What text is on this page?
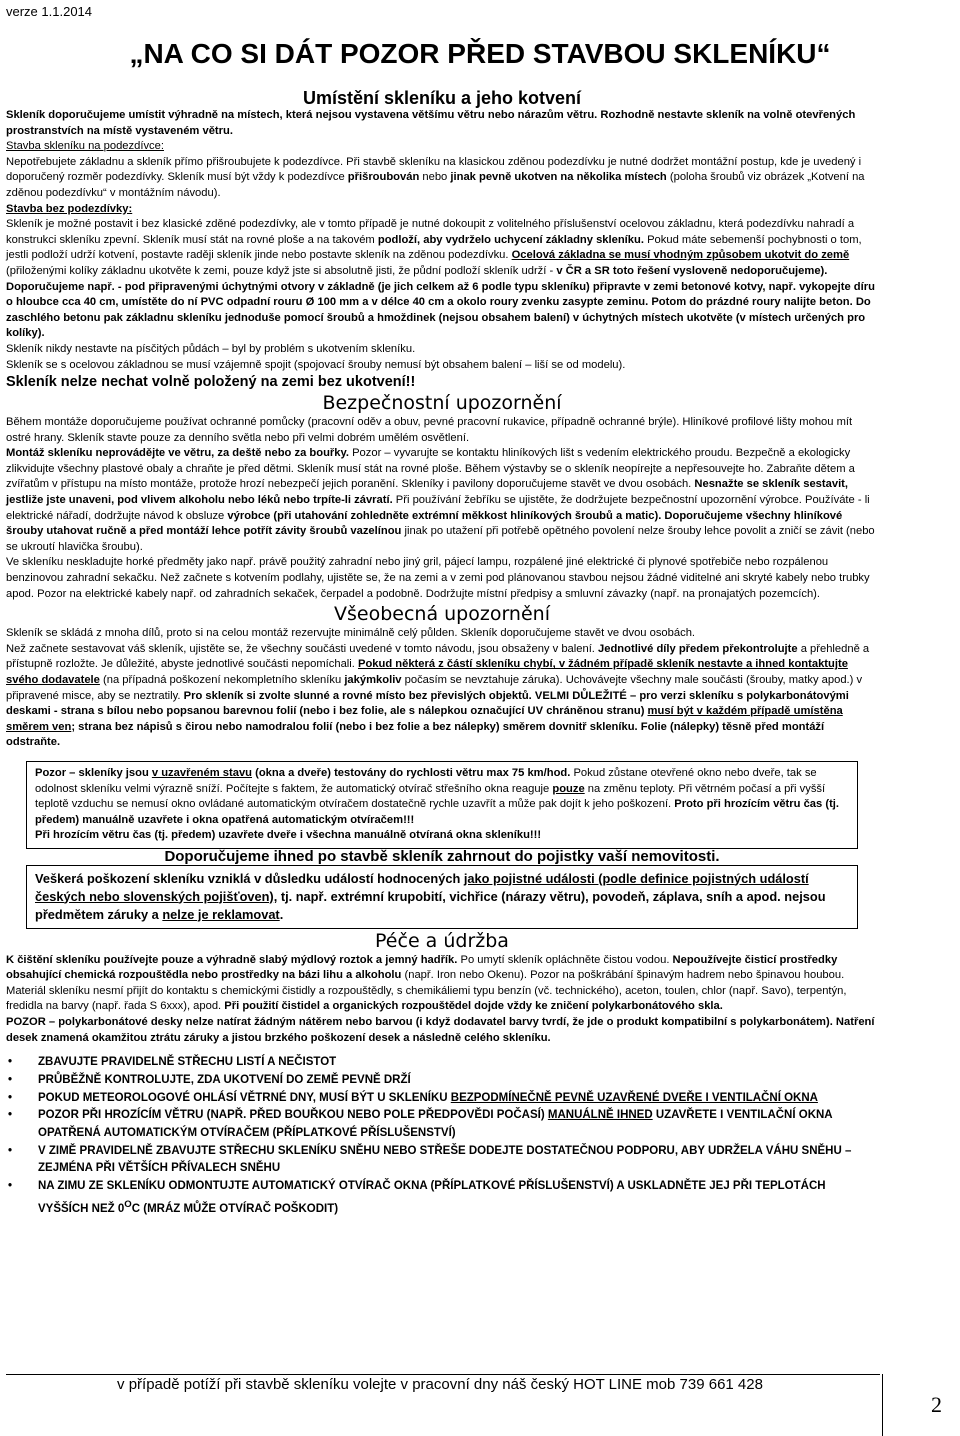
verze 1.1.2014
„NA CO SI DÁT POZOR PŘED STAVBOU SKLENÍKU“

Umístění skleníku a jeho kotvení

Skleník doporučujeme umístit výhradně na místech, která nejsou vystavena většímu větru nebo nárazům větru. Rozhodně nestavte skleník na volně otevřených prostranstvích na místě vystaveném větru.

Stavba skleníku na podezdívce:

Nepotřebujete základnu a skleník přímo přišroubujete k podezdívce. Při stavbě skleníku na klasickou zděnou podezdívku je nutné dodržet montážní postup, kde je uvedený i doporučený rozměr podezdívky. Skleník musí být vždy k podezdívce přišroubován nebo jinak pevně ukotven na několika místech (poloha šroubů viz obrázek „Kotvení na zděnou podezdívku“ v montážním návodu).

Stavba bez podezdívky:

Skleník je možné postavit i bez klasické zděné podezdívky, ale v tomto případě je nutné dokoupit z volitelného příslušenství ocelovou základnu, která podezdívku nahradí a konstrukci skleníku zpevní. Skleník musí stát na rovné ploše a na takovém podloží, aby vydrželo uchycení základny skleníku. Pokud máte sebemenší pochybnosti o tom, jestli podloží udrží kotvení, postavte raději skleník jinde nebo postavte skleník na zděnou podezdívku. Ocelová základna se musí vhodným způsobem ukotvit do země (přiloženými kolíky základnu ukotvěte k zemi, pouze když jste si absolutně jisti, že půdní podloží skleník udrží - v ČR a SR toto řešení vysloveně nedoporučujeme).

Doporučujeme např. - pod připravenými úchytnými otvory v základně (je jich celkem až 6 podle typu skleníku) připravte v zemi betonové kotvy, např. vykopejte díru o hloubce cca 40 cm, umístěte do ní PVC odpadní rouru Ø 100 mm a v délce 40 cm a okolo roury zvenku zasypte zeminu. Potom do prázdné roury nalijte beton. Do zaschlého betonu pak základnu skleníku jednoduše pomocí šroubů a hmoždinek (nejsou obsahem balení) v úchytných místech ukotvěte (v místech určených pro kolíky).

Skleník nikdy nestavte na písčitých půdách – byl by problém s ukotvením skleníku.

Skleník se s ocelovou základnou se musí vzájemně spojit (spojovací šrouby nemusí být obsahem balení – liší se od modelu).

Skleník nelze nechat volně položený na zemi bez ukotvení!!

Bezpečnostní upozornění

Během montáže doporučujeme používat ochranné pomůcky (pracovní oděv a obuv, pevné pracovní rukavice, případně ochranné brýle). Hliníkové profilové lišty mohou mít ostré hrany. Skleník stavte pouze za denního světla nebo při velmi dobrém umělém osvětlení.

Montáž skleníku neprovádějte ve větru, za deště nebo za bouřky. Pozor – vyvarujte se kontaktu hliníkových lišt s vedením elektrického proudu. Bezpečně a ekologicky zlikvidujte všechny plastové obaly a chraňte je před dětmi. Skleník musí stát na rovné ploše. Během výstavby se o skleník neopírejte a nepřesouvejte ho. Zabraňte dětem a zvířatům v přístupu na místo montáže, protože hrozí nebezpečí jejich poranění. Skleníky i pavilony doporučujeme stavět ve dvou osobách. Nesnažte se skleník sestavit, jestliže jste unaveni, pod vlivem alkoholu nebo léků nebo trpíte-li závratí. Při používání žebříku se ujistěte, že dodržujete bezpečnostní upozornění výrobce. Používáte - li elektrické nářadí, dodržujte návod k obsluze výrobce (při utahování zohledněte extrémní měkkost hliníkových šroubů a matic). Doporučujeme všechny hliníkové šrouby utahovat ručně a před montáží lehce potřít závity šroubů vazelínou jinak po utažení při potřebě opětného povolení nelze šrouby lehce povolit a zničí se závit (nebo se ukroutí hlavička šroubu).

Ve skleníku neskladujte horké předměty jako např. právě použitý zahradní nebo jiný gril, pájecí lampu, rozpálené jiné elektrické či plynové spotřebiče nebo rozpálenou benzinovou zahradní sekačku. Než začnete s kotvením podlahy, ujistěte se, že na zemi a v zemi pod plánovanou stavbou nejsou žádné viditelné ani skryté kabely nebo trubky apod. Pozor na elektrické kabely např. od zahradních sekaček, čerpadel a podobně. Dodržujte místní předpisy a smluvní závazky (např. na pronajatých pozemcích).

Všeobecná upozornění

Skleník se skládá z mnoha dílů, proto si na celou montáž rezervujte minimálně celý půlden. Skleník doporučujeme stavět ve dvou osobách.

Než začnete sestavovat váš skleník, ujistěte se, že všechny součásti uvedené v tomto návodu, jsou obsaženy v balení. Jednotlivé díly předem překontrolujte a přehledně a přístupně rozložte. Je důležité, abyste jednotlivé součásti nepomíchali. Pokud některá z částí skleníku chybí, v žádném případě skleník nestavte a ihned kontaktujte svého dodavatele (na případná poškození nekompletního skleníku jakýmkoliv počasím se nevztahuje záruka). Uchovávejte všechny male součásti (šrouby, matky apod.) v připravené misce, aby se neztratily. Pro skleník si zvolte slunné a rovné místo bez převislých objektů. VELMI DŮLEŽITÉ – pro verzi skleníku s polykarbonátovými deskami - strana s bílou nebo popsanou barevnou folií (nebo i bez folie, ale s nálepkou označující UV chráněnou stranu) musí být v každém případě umístěna směrem ven; strana bez nápisů s čirou nebo namodralou folií (nebo i bez folie a bez nálepky) směrem dovnitř skleníku. Folie (nálepky) těsně před montáží odstraňte.

Pozor – skleníky jsou v uzavřeném stavu (okna a dveře) testovány do rychlosti větru max 75 km/hod. Pokud zůstane otevřené okno nebo dveře, tak se odolnost skleníku velmi výrazně sníží. Počítejte s faktem, že automatický otvírač střešního okna reaguje pouze na změnu teploty. Při větrném počasí a při vyšší teplotě vzduchu se nemusí okno ovládané automatickým otvíračem dostatečně rychle uzavřít a může pak dojít k jeho poškození. Proto při hrozícím větru čas (tj. předem) manuálně uzavřete i okna opatřená automatickým otvíračem!!!
Při hrozícím větru čas (tj. předem) uzavřete dveře i všechna manuálně otvíraná okna skleníku!!!

Doporučujeme ihned po stavbě skleník zahrnout do pojistky vaší nemovitosti.

Veškerá poškození skleníku vzniklá v důsledku událostí hodnocených jako pojistné události (podle definice pojistných událostí českých nebo slovenských pojišťoven), tj. např. extrémní krupobití, vichřice (nárazy větru), povodeň, záplava, sníh a apod. nejsou předmětem záruky a nelze je reklamovat.

Péče a údržba

K čištění skleníku používejte pouze a výhradně slabý mýdlový roztok a jemný hadřík. Po umytí skleník opláchněte čistou vodou. Nepoužívejte čisticí prostředky obsahující chemická rozpouštědla nebo prostředky na bázi lihu a alkoholu (např. Iron nebo Okenu). Pozor na poškrábání špinavým hadrem nebo špinavou houbou. Materiál skleníku nesmí přijít do kontaktu s chemickými čistidly a rozpouštědly, s chemikáliemi typu benzín (vč. technického), aceton, toulen, chlor (např. Savo), terpentýn, fredidla na barvy (např. řada S 6xxx), apod. Při použití čistidel a organických rozpouštědel dojde vždy ke zničení polykarbonátového skla.

POZOR – polykarbonátové desky nelze natírat žádným nátěrem nebo barvou (i když dodavatel barvy tvrdí, že jde o produkt kompatibilní s polykarbonátem). Natření desek znamená okamžitou ztrátu záruky a jistou brzkého poškození desek a následně celého skleníku.

• ZBAVUJTE PRAVIDELNĚ STŘECHU LISTÍ A NEČISTOT
• PRŮBĚŽNĚ KONTROLUJTE, ZDA UKOTVENÍ DO ZEMĚ PEVNĚ DRŽÍ
• POKUD METEOROLOGOVÉ OHLÁSÍ VĚTRNÉ DNY, MUSÍ BÝT U SKLENÍKU BEZPODMÍNEČNĚ PEVNĚ UZAVŘENÉ DVEŘE I VENTILAČNÍ OKNA
• POZOR PŘI HROZÍCÍM VĚTRU (NAPŘ. PŘED BOUŘKOU NEBO POLE PŘEDPOVĚDI POČASÍ) MANUÁLNĚ IHNED UZAVŘETE I VENTILAČNÍ OKNA OPATŘENÁ AUTOMATICKÝM OTVÍRAČEM (PŘÍPLATKOVÉ PŘÍSLUŠENSTVÍ)
• V ZIMĚ PRAVIDELNĚ ZBAVUJTE STŘECHU SKLENÍKU SNĚHU NEBO STŘEŠE DODEJTE DOSTATEČNOU PODPORU, ABY UDRŽELA VÁHU SNĚHU – ZEJMÉNA PŘI VĚTŠÍCH PŘÍVALECH SNĚHU
• NA ZIMU ZE SKLENÍKU ODMONTUJTE AUTOMATICKÝ OTVÍRAČ OKNA (PŘÍPLATKOVÉ PŘÍSLUŠENSTVÍ) A USKLADNĚTE JEJ PŘI TEPLOTÁCH VYŠŠÍCH NEŽ $0^OC$ (MRÁZ MŮŽE OTVÍRAČ POŠKODIT)
v případě potíží při stavbě skleníku volejte v pracovní dny náš český HOT LINE mob 739 661 428
2
